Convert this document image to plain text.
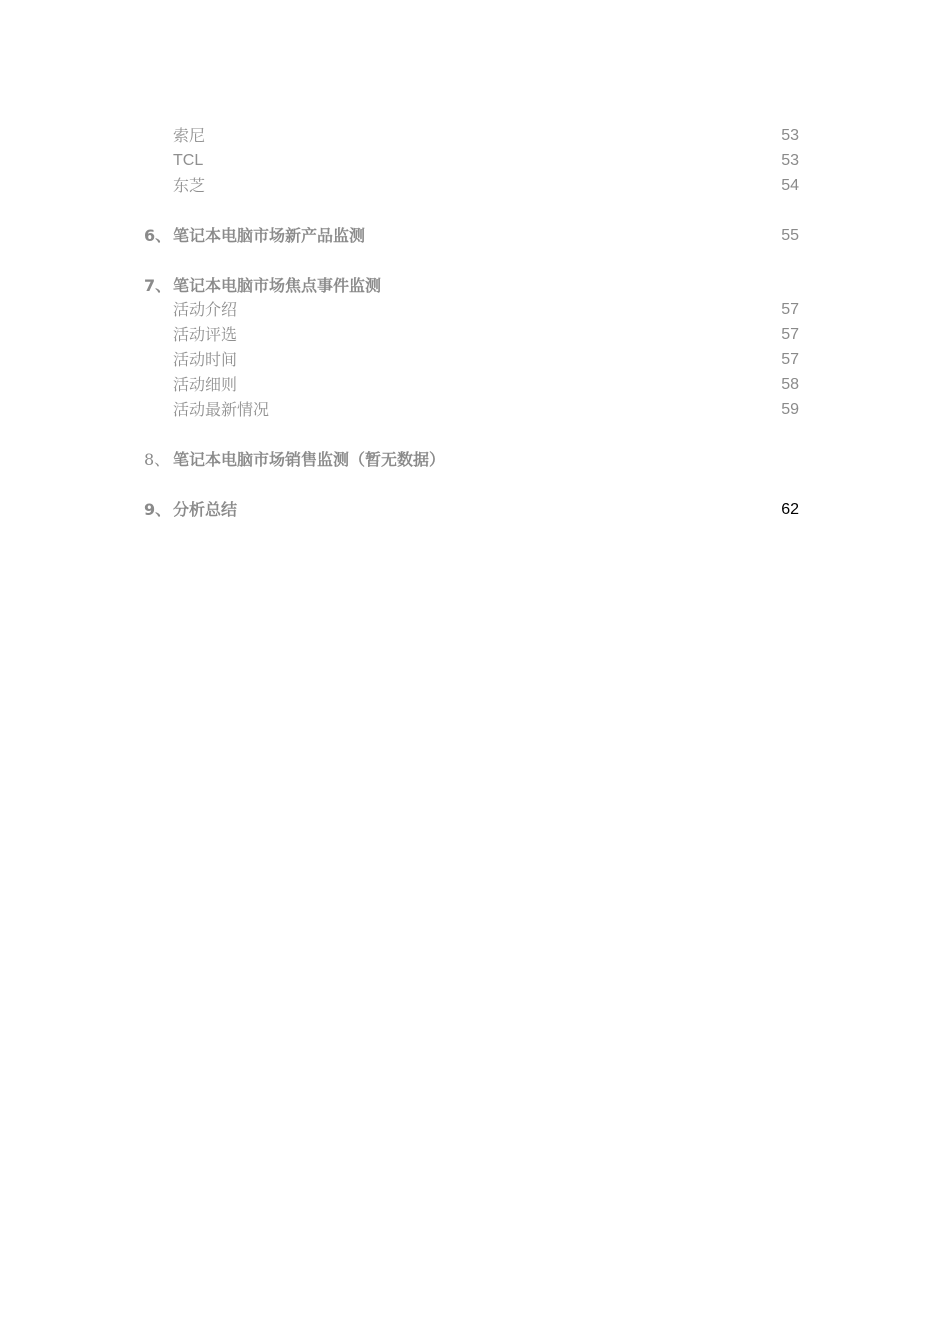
索尼	53
TCL	53
东芝	54
6、 笔记本电脑市场新产品监测	55
7、 笔记本电脑市场焦点事件监测
活动介绍	57
活动评选	57
活动时间	57
活动细则	58
活动最新情况	59
8、 笔记本电脑市场销售监测（暂无数据）
9、 分析总结	62
